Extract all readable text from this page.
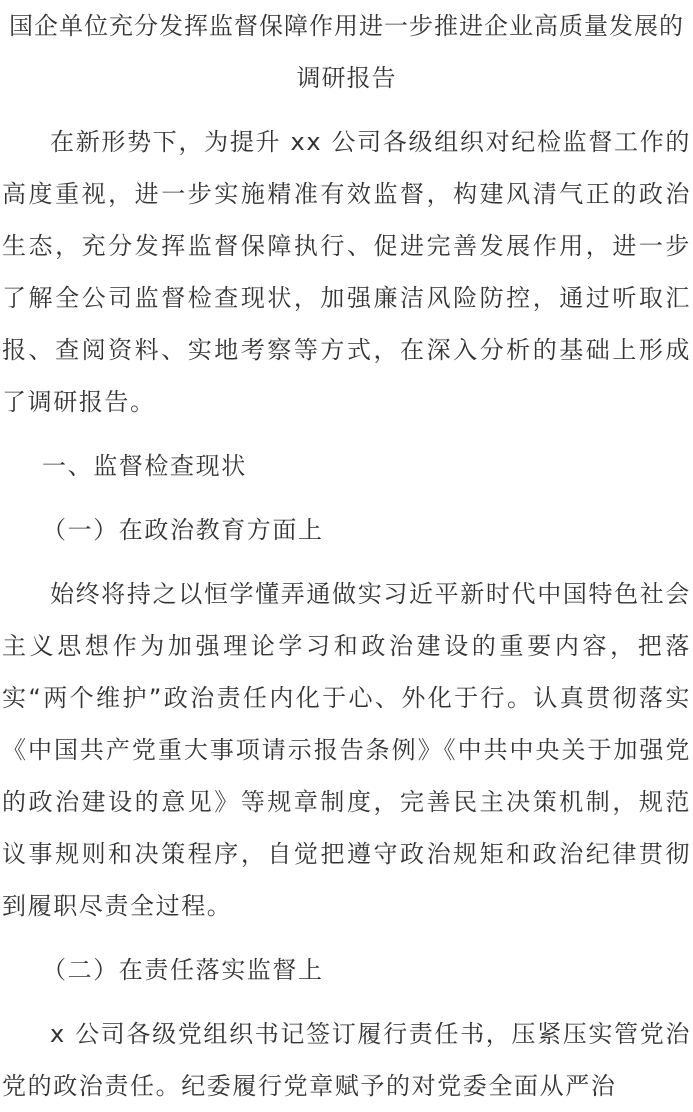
国企单位充分发挥监督保障作用进一步推进企业高质量发展的调研报告

在新形势下，为提升 xx 公司各级组织对纪检监督工作的高度重视，进一步实施精准有效监督，构建风清气正的政治生态，充分发挥监督保障执行、促进完善发展作用，进一步了解全公司监督检查现状，加强廉洁风险防控，通过听取汇报、查阅资料、实地考察等方式，在深入分析的基础上形成了调研报告。

一、监督检查现状

（一）在政治教育方面上

始终将持之以恒学懂弄通做实习近平新时代中国特色社会主义思想作为加强理论学习和政治建设的重要内容，把落实“两个维护”政治责任内化于心、外化于行。认真贯彻落实《中国共产党重大事项请示报告条例》《中共中央关于加强党的政治建设的意见》等规章制度，完善民主决策机制，规范议事规则和决策程序，自觉把遵守政治规矩和政治纪律贯彻到履职尽责全过程。

（二）在责任落实监督上

x 公司各级党组织书记签订履行责任书，压紧压实管党治党的政治责任。纪委履行党章赋予的对党委全面从严治
